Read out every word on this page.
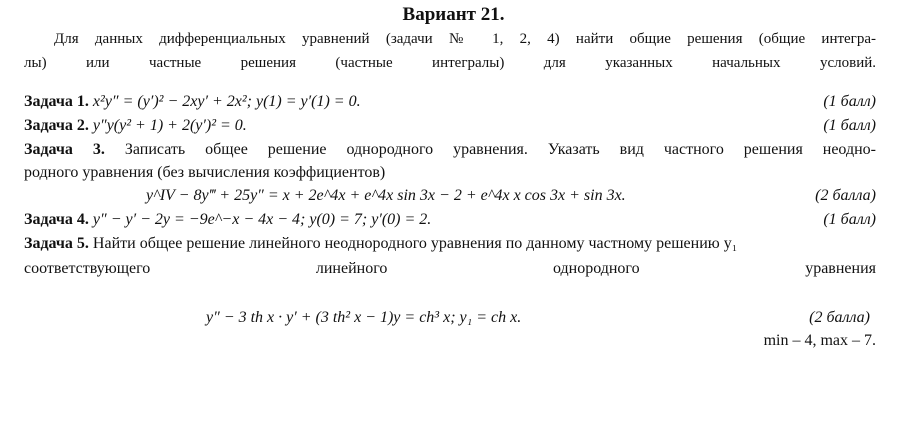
Вариант 21.
Для данных дифференциальных уравнений (задачи № 1, 2, 4) найти общие решения (общие интегра-
лы) или частные решения (частные интегралы) для указанных начальных условий.
Задача 1. x²y″ = (y′)² − 2xy′ + 2x²; y(1) = y′(1) = 0.	(1 балл)
Задача 2. y″y(y² + 1) + 2(y′)² = 0.	(1 балл)
Задача 3. Записать общее решение однородного уравнения. Указать вид частного решения неодно-
родного уравнения (без вычисления коэффициентов)
y^IV − 8y‴ + 25y″ = x + 2e^4x + e^4x sin 3x − 2 + e^4x x cos 3x + sin 3x.	(2 балла)
Задача 4. y″ − y′ − 2y = −9e^−x − 4x − 4; y(0) = 7; y′(0) = 2.	(1 балл)
Задача 5. Найти общее решение линейного неоднородного уравнения по данному частному решению y₁
соответствующего линейного однородного уравнения
y″ − 3 th x · y′ + (3 th² x − 1)y = ch³ x; y₁ = ch x.	(2 балла)
min – 4, max – 7.
